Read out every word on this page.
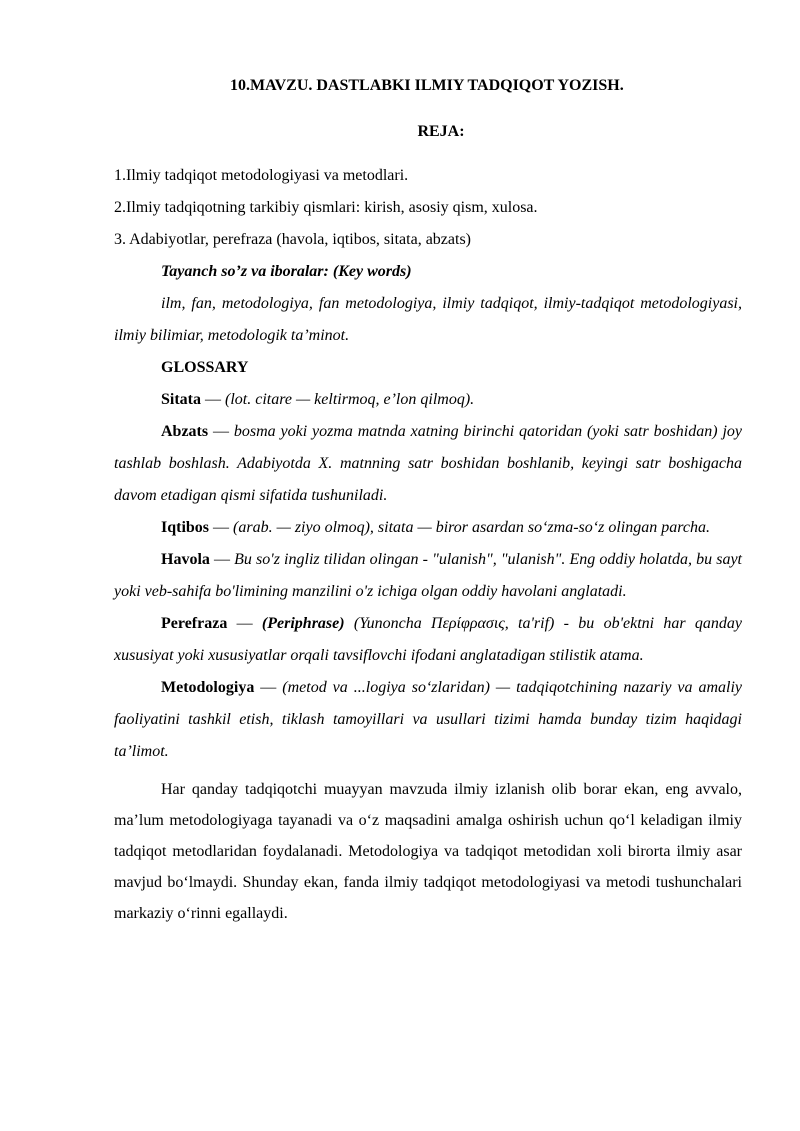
10.MAVZU. DASTLABKI ILMIY TADQIQOT YOZISH.

REJA:

1.Ilmiy tadqiqot metodologiyasi va metodlari.

2.Ilmiy tadqiqotning tarkibiy qismlari: kirish, asosiy qism, xulosa.

3. Adabiyotlar, perefraza (havola, iqtibos, sitata, abzats)

Tayanch so’z va iboralar: (Key words)

ilm, fan, metodologiya, fan metodologiya, ilmiy tadqiqot, ilmiy-tadqiqot metodologiyasi, ilmiy bilimiar, metodologik ta’minot.

GLOSSARY

Sitata — (lot. citare — keltirmoq, e’lon qilmoq).

Abzats — bosma yoki yozma matnda xatning birinchi qatoridan (yoki satr boshidan) joy tashlab boshlash. Adabiyotda X. matnning satr boshidan boshlanib, keyingi satr boshigacha davom etadigan qismi sifatida tushuniladi.

Iqtibos — (arab. — ziyo olmoq), sitata — biror asardan so‘zma-so‘z olingan parcha.

Havola — Bu so'z ingliz tilidan olingan - "ulanish", "ulanish". Eng oddiy holatda, bu sayt yoki veb-sahifa bo'limining manzilini o'z ichiga olgan oddiy havolani anglatadi.

Perefraza — (Periphrase) (Yunoncha Περίφρασις, ta'rif) - bu ob'ektni har qanday xususiyat yoki xususiyatlar orqali tavsiflovchi ifodani anglatadigan stilistik atama.

Metodologiya — (metod va ...logiya so‘zlaridan) — tadqiqotchining nazariy va amaliy faoliyatini tashkil etish, tiklash tamoyillari va usullari tizimi hamda bunday tizim haqidagi ta’limot.

Har qanday tadqiqotchi muayyan mavzuda ilmiy izlanish olib borar ekan, eng avvalo, ma’lum metodologiyaga tayanadi va o‘z maqsadini amalga oshirish uchun qo‘l keladigan ilmiy tadqiqot metodlaridan foydalanadi. Metodologiya va tadqiqot metodidan xoli birorta ilmiy asar mavjud bo‘lmaydi. Shunday ekan, fanda ilmiy tadqiqot metodologiyasi va metodi tushunchalari markaziy o‘rinni egallaydi.
